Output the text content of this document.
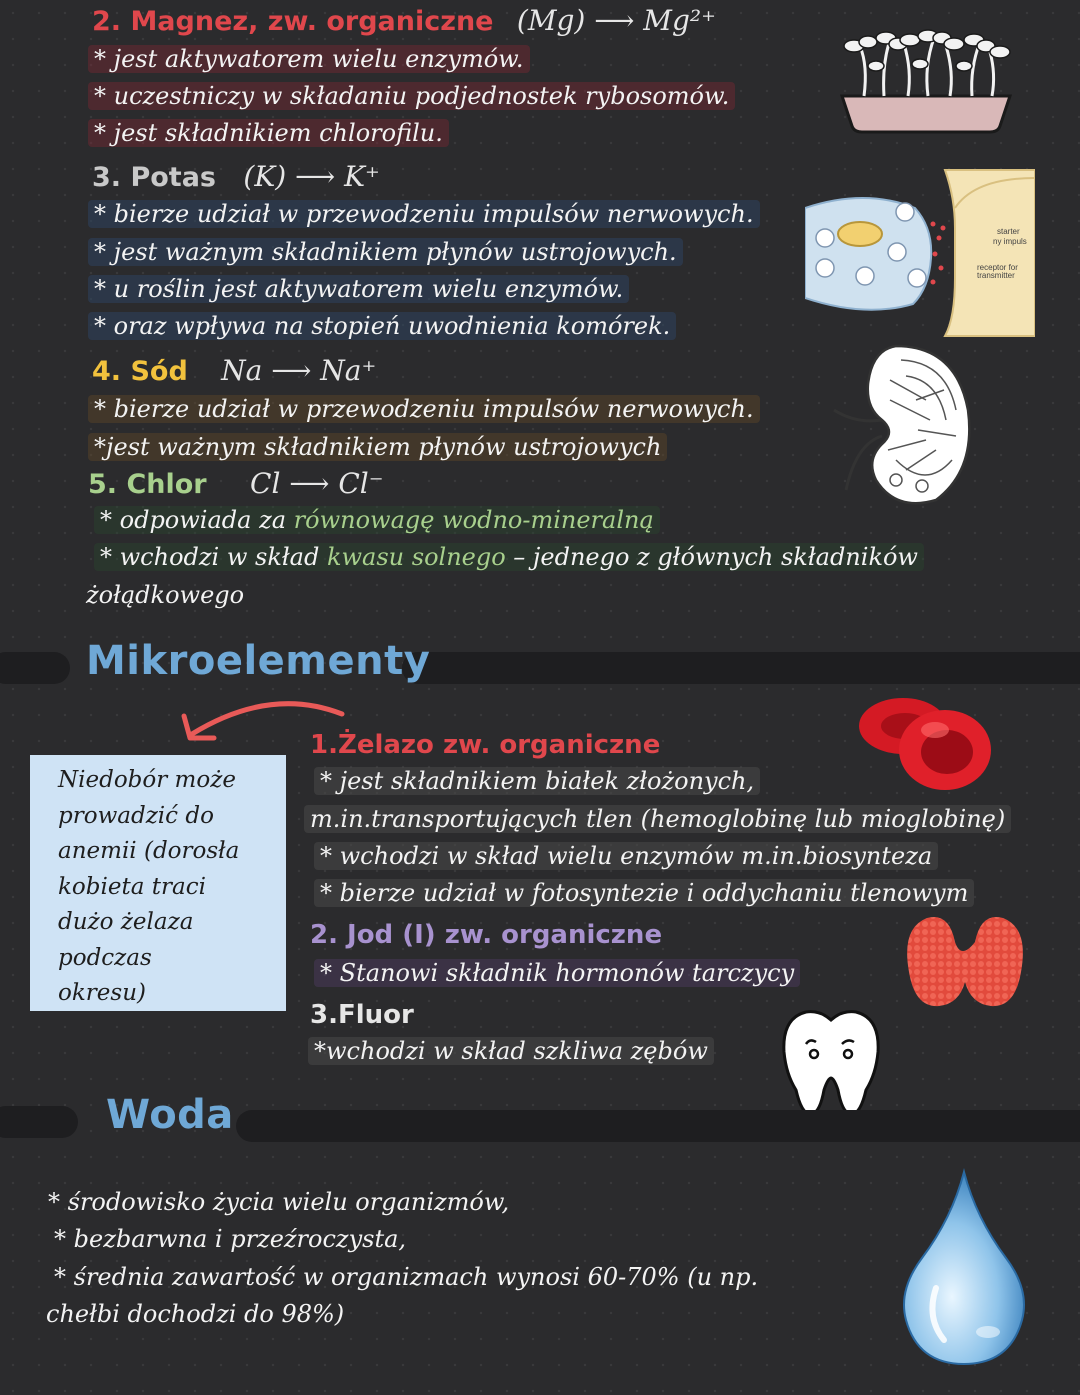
2. Magnez, zw. organiczne (Mg) ⟶ Mg²⁺
* jest aktywatorem wielu enzymów.
* uczestniczy w składaniu podjednostek rybosomów.
* jest składnikiem chlorofilu.
3. Potas (K) ⟶ K⁺
* bierze udział w przewodzeniu impulsów nerwowych.
* jest ważnym składnikiem płynów ustrojowych.
* u roślin jest aktywatorem wielu enzymów.
* oraz wpływa na stopień uwodnienia komórek.
starter
ny impuls
receptor for
transmitter
4. Sód Na ⟶ Na⁺
* bierze udział w przewodzeniu impulsów nerwowych.
*jest ważnym składnikiem płynów ustrojowych
5. Chlor Cl ⟶ Cl⁻
* odpowiada za równowagę wodno-mineralną
* wchodzi w skład kwasu solnego – jednego z głównych składników
żołądkowego
Mikroelementy
Niedobór może
prowadzić do
anemii (dorosła
kobieta traci
dużo żelaza
podczas
okresu)
1.Żelazo zw. organiczne
* jest składnikiem białek złożonych,
m.in.transportujących tlen (hemoglobinę lub mioglobinę)
* wchodzi w skład wielu enzymów m.in.biosynteza
* bierze udział w fotosyntezie i oddychaniu tlenowym
2. Jod (I) zw. organiczne
* Stanowi składnik hormonów tarczycy
3.Fluor
*wchodzi w skład szkliwa zębów
Woda
* środowisko życia wielu organizmów,
* bezbarwna i przeźroczysta,
* średnia zawartość w organizmach wynosi 60-70% (u np.
chełbi dochodzi do 98%)
